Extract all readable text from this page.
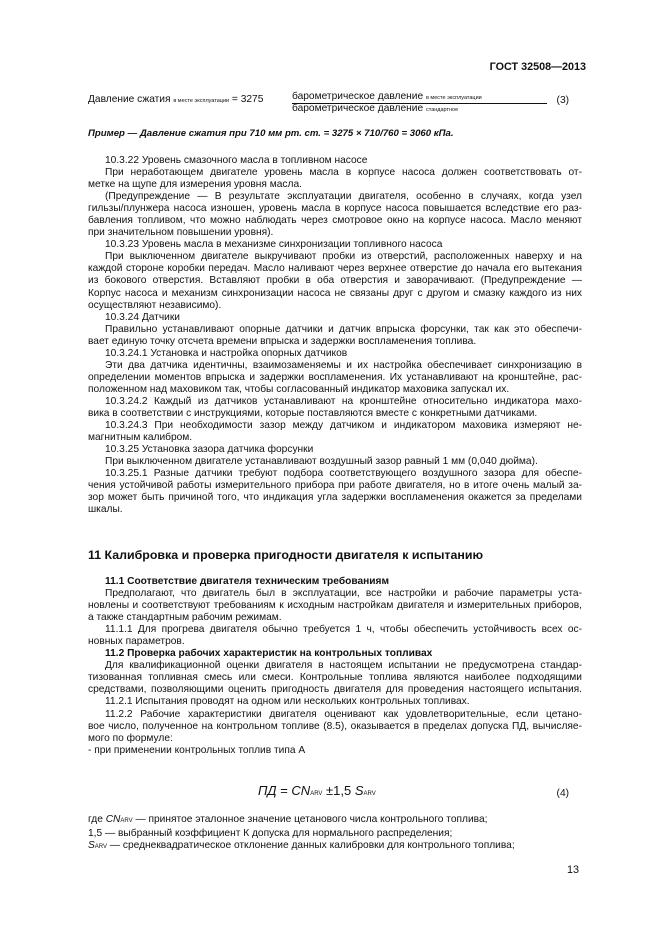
ГОСТ 32508—2013
Давление сжатия в месте эксплуатации = 3275	барометрическое давление в месте эксплуатации
барометрическое давление стандартное
(3)
Пример — Давление сжатия при 710 мм рт. ст. = 3275 × 710/760 = 3060 кПа.
10.3.22 Уровень смазочного масла в топливном насосе
При неработающем двигателе уровень масла в корпусе насоса должен соответствовать от-
метке на щупе для измерения уровня масла.
(Предупреждение — В результате эксплуатации двигателя, особенно в случаях, когда узел
гильзы/плунжера насоса изношен, уровень масла в корпусе насоса повышается вследствие его раз-
бавления топливом, что можно наблюдать через смотровое окно на корпусе насоса. Масло меняют
при значительном повышении уровня).
10.3.23 Уровень масла в механизме синхронизации топливного насоса
При выключенном двигателе выкручивают пробки из отверстий, расположенных наверху и на
каждой стороне коробки передач. Масло наливают через верхнее отверстие до начала его вытекания
из бокового отверстия. Вставляют пробки в оба отверстия и заворачивают. (Предупреждение —
Корпус насоса и механизм синхронизации насоса не связаны друг с другом и смазку каждого из них
осуществляют независимо).
10.3.24 Датчики
Правильно устанавливают опорные датчики и датчик впрыска форсунки, так как это обеспечи-
вает единую точку отсчета времени впрыска и задержки воспламенения топлива.
10.3.24.1 Установка и настройка опорных датчиков
Эти два датчика идентичны, взаимозаменяемы и их настройка обеспечивает синхронизацию в
определении моментов впрыска и задержки воспламенения. Их устанавливают на кронштейне, рас-
положенном над маховиком так, чтобы согласованный индикатор маховика запускал их.
10.3.24.2 Каждый из датчиков устанавливают на кронштейне относительно индикатора махо-
вика в соответствии с инструкциями, которые поставляются вместе с конкретными датчиками.
10.3.24.3 При необходимости зазор между датчиком и индикатором маховика измеряют не-
магнитным калибром.
10.3.25 Установка зазора датчика форсунки
При выключенном двигателе устанавливают воздушный зазор равный 1 мм (0,040 дюйма).
10.3.25.1 Разные датчики требуют подбора соответствующего воздушного зазора для обеспе-
чения устойчивой работы измерительного прибора при работе двигателя, но в итоге очень малый за-
зор может быть причиной того, что индикация угла задержки воспламенения окажется за пределами
шкалы.
11 Калибровка и проверка пригодности двигателя к испытанию
11.1 Соответствие двигателя техническим требованиям
Предполагают, что двигатель был в эксплуатации, все настройки и рабочие параметры уста-
новлены и соответствуют требованиям к исходным настройкам двигателя и измерительных приборов,
а также стандартным рабочим режимам.
11.1.1 Для прогрева двигателя обычно требуется 1 ч, чтобы обеспечить устойчивость всех ос-
новных параметров.
11.2 Проверка рабочих характеристик на контрольных топливах
Для квалификационной оценки двигателя в настоящем испытании не предусмотрена стандар-
тизованная топливная смесь или смеси. Контрольные топлива являются наиболее подходящими
средствами, позволяющими оценить пригодность двигателя для проведения настоящего испытания.
11.2.1 Испытания проводят на одном или нескольких контрольных топливах.
11.2.2 Рабочие характеристики двигателя оценивают как удовлетворительные, если цетано-
вое число, полученное на контрольном топливе (8.5), оказывается в пределах допуска ПД, вычисляе-
мого по формуле:
- при применении контрольных топлив типа А
ПД = CNARV ±1,5 SARV	(4)
где CNARV — принятое эталонное значение цетанового числа контрольного топлива;
1,5 — выбранный коэффициент К допуска для нормального распределения;
SARV — среднеквадратическое отклонение данных калибровки для контрольного топлива;
13
